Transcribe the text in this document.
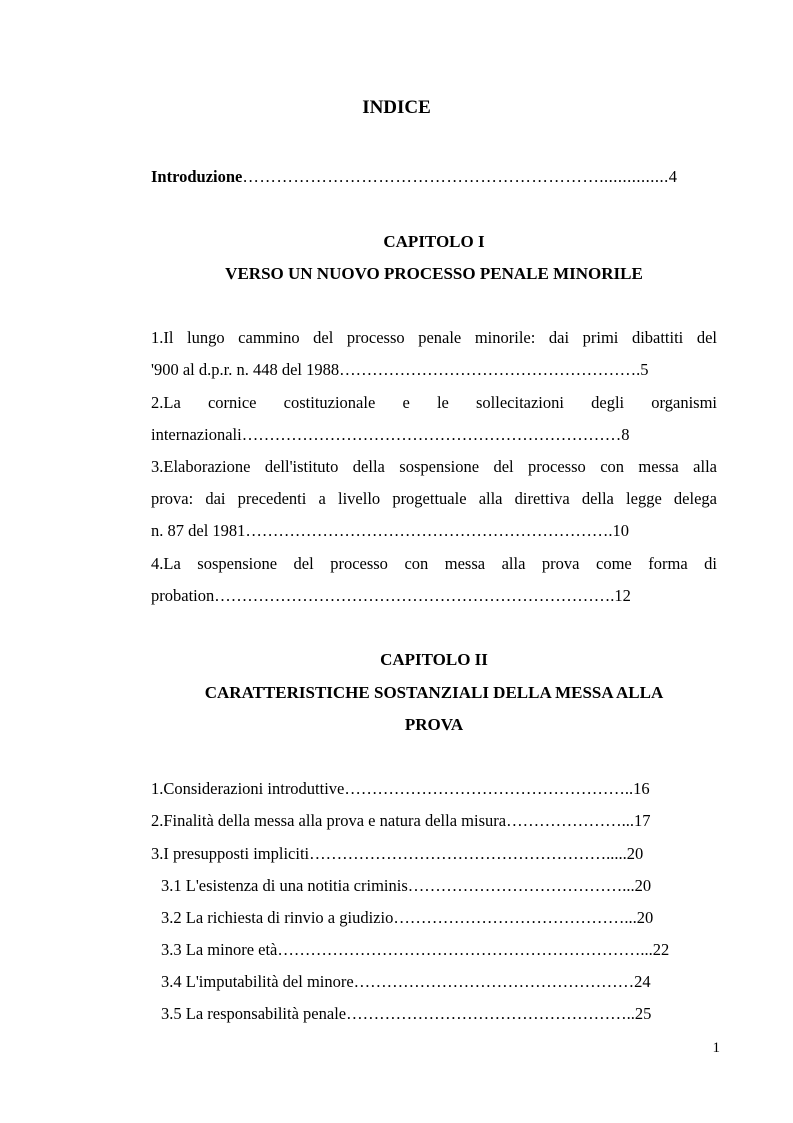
INDICE
Introduzione………………………………………………………...............4
CAPITOLO I
VERSO UN NUOVO PROCESSO PENALE MINORILE
1.Il lungo cammino del processo penale minorile: dai primi dibattiti del
'900 al d.p.r. n. 448 del 1988……………………………………………….5
2.La cornice costituzionale e le sollecitazioni degli organismi
internazionali……………………………………………………………8
3.Elaborazione dell'istituto della sospensione del processo con messa alla
prova: dai precedenti a livello progettuale alla direttiva della legge delega
n. 87 del 1981………………………………………………………….10
4.La sospensione del processo con messa alla prova come forma di
probation……………………………………………………………….12
CAPITOLO II
CARATTERISTICHE SOSTANZIALI DELLA MESSA ALLA
PROVA
1.Considerazioni introduttive……………………………………………..16
2.Finalità della messa alla prova e natura della misura…………………...17
3.I presupposti impliciti……………………………………………….....20
3.1 L'esistenza di una notitia criminis…………………………………...20
3.2 La richiesta di rinvio a giudizio……………………………………...20
3.3 La minore età…………………………………………………………...22
3.4 L'imputabilità del minore……………………………………………24
3.5 La responsabilità penale……………………………………………..25
1
